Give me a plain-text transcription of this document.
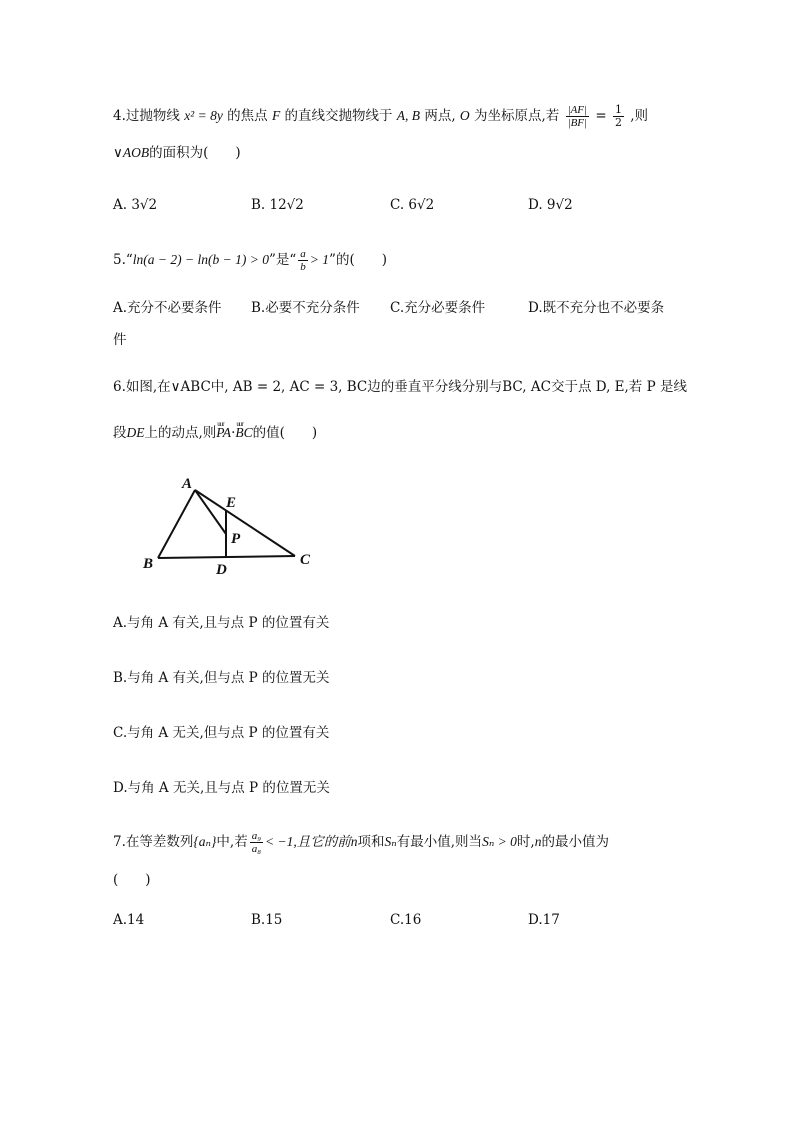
4.过抛物线 x² = 8y 的焦点 F 的直线交抛物线于 A, B 两点, O 为坐标原点,若 $\frac{|AF|}{|BF|} = \frac{1}{2}$ ,则
∨AOB的面积为(　　)
A. 3√2	B. 12√2	C. 6√2	D. 9√2
5.“ln(a − 2) − ln(b − 1) > 0”是“ $\frac{a}{b} > 1$”的(　　)
A.充分不必要条件 B.必要不充分条件 C.充分必要条件	D.既不充分也不必要条
件
6.如图,在∨ABC中, AB = 2, AC = 3, BC边的垂直平分线分别与BC, AC交于点 D, E,若 P 是线
段DE上的动点,则uur PA·uur BC的值(　　)
A
B	C
D
E
P
A.与角 A 有关,且与点 P 的位置有关
B.与角 A 有关,但与点 P 的位置无关
C.与角 A 无关,但与点 P 的位置有关
D.与角 A 无关,且与点 P 的位置无关
7.在等差数列{aₙ}中,若 $\frac{\text{a₉}}{\text{a₈}} < -1$,且它的前n项和Sₙ有最小值,则当Sₙ > 0时,n的最小值为
(　　)
A.14	B.15	C.16	D.17
